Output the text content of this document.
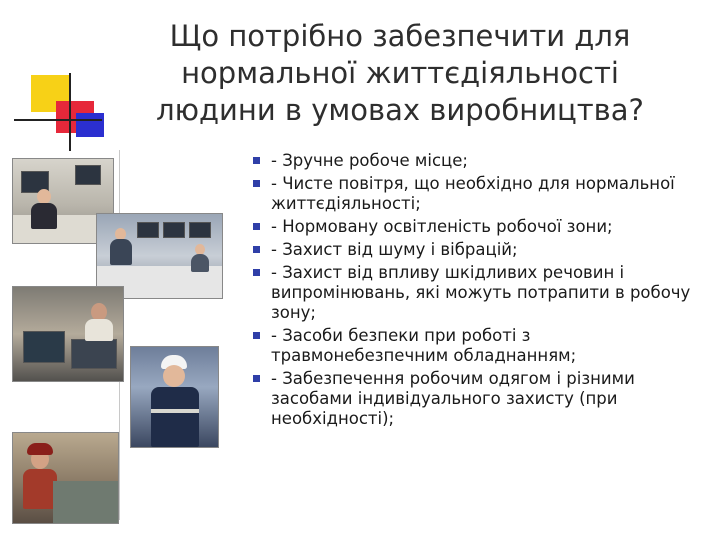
Що потрібно забезпечити для нормальної життєдіяльності людини в умовах виробництва?
- Зручне робоче місце;
- Чисте повітря, що необхідно для нормальної життєдіяльності;
- Нормовану освітленість робочої зони;
- Захист від шуму і вібрацій;
- Захист від впливу шкідливих речовин і випромінювань, які можуть потрапити в робочу зону;
- Засоби безпеки при роботі з травмонебезпечним обладнанням;
- Забезпечення робочим одягом і різними засобами індивідуального захисту (при необхідності);
